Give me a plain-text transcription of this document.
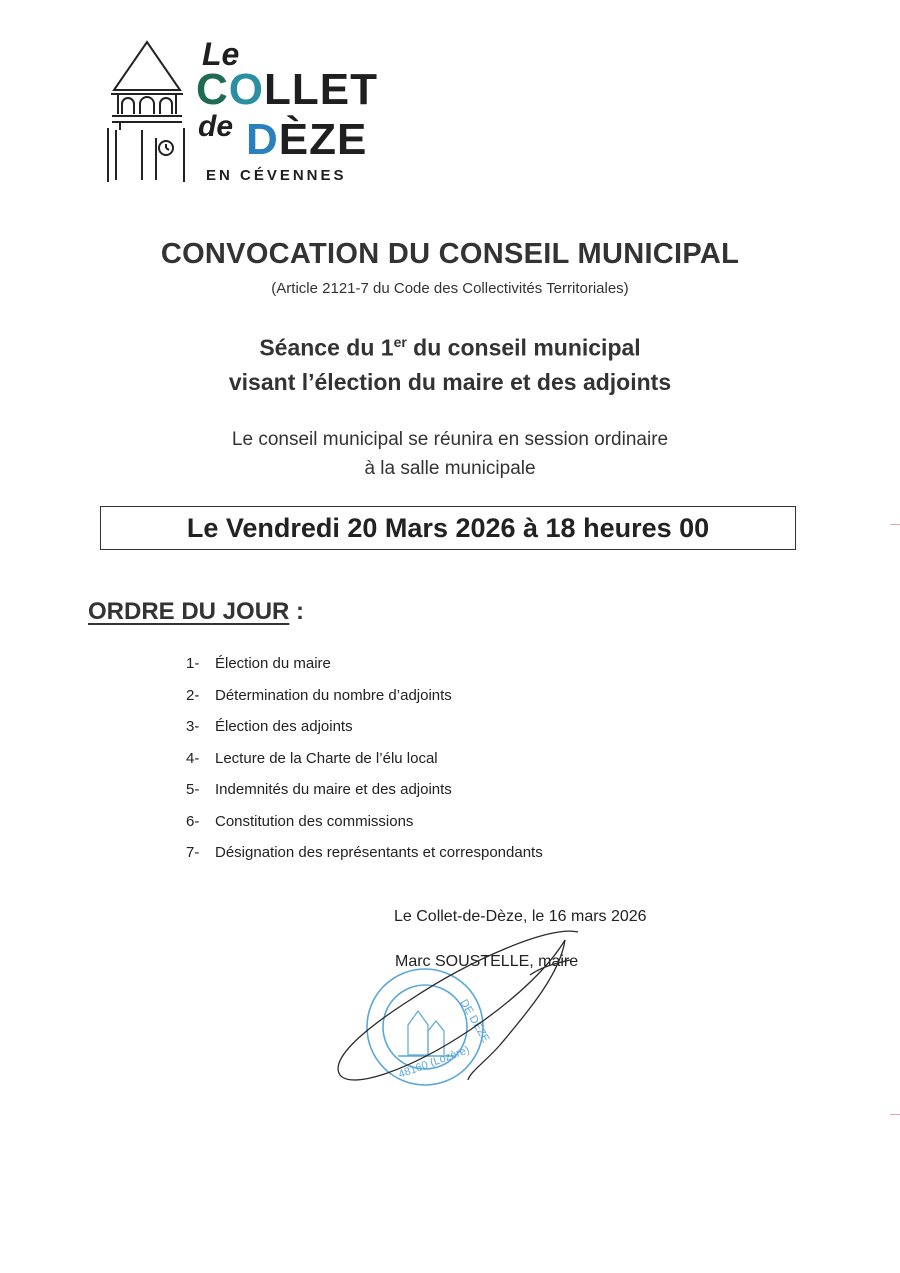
Le
COLLET
de DÈZE
EN CÉVENNES
CONVOCATION DU CONSEIL MUNICIPAL
(Article 2121-7 du Code des Collectivités Territoriales)
Séance du 1er du conseil municipal
visant l’élection du maire et des adjoints
Le conseil municipal se réunira en session ordinaire
à la salle municipale
Le Vendredi 20 Mars 2026 à 18 heures 00
ORDRE DU JOUR :
1-	Élection du maire
2-	Détermination du nombre d’adjoints
3-	Élection des adjoints
4-	Lecture de la Charte de l’élu local
5-	Indemnités du maire et des adjoints
6-	Constitution des commissions
7-	Désignation des représentants et correspondants
Le Collet-de-Dèze, le 16 mars 2026
Marc SOUSTELLE, maire
DE DÈZE
48160 (Lozère)
